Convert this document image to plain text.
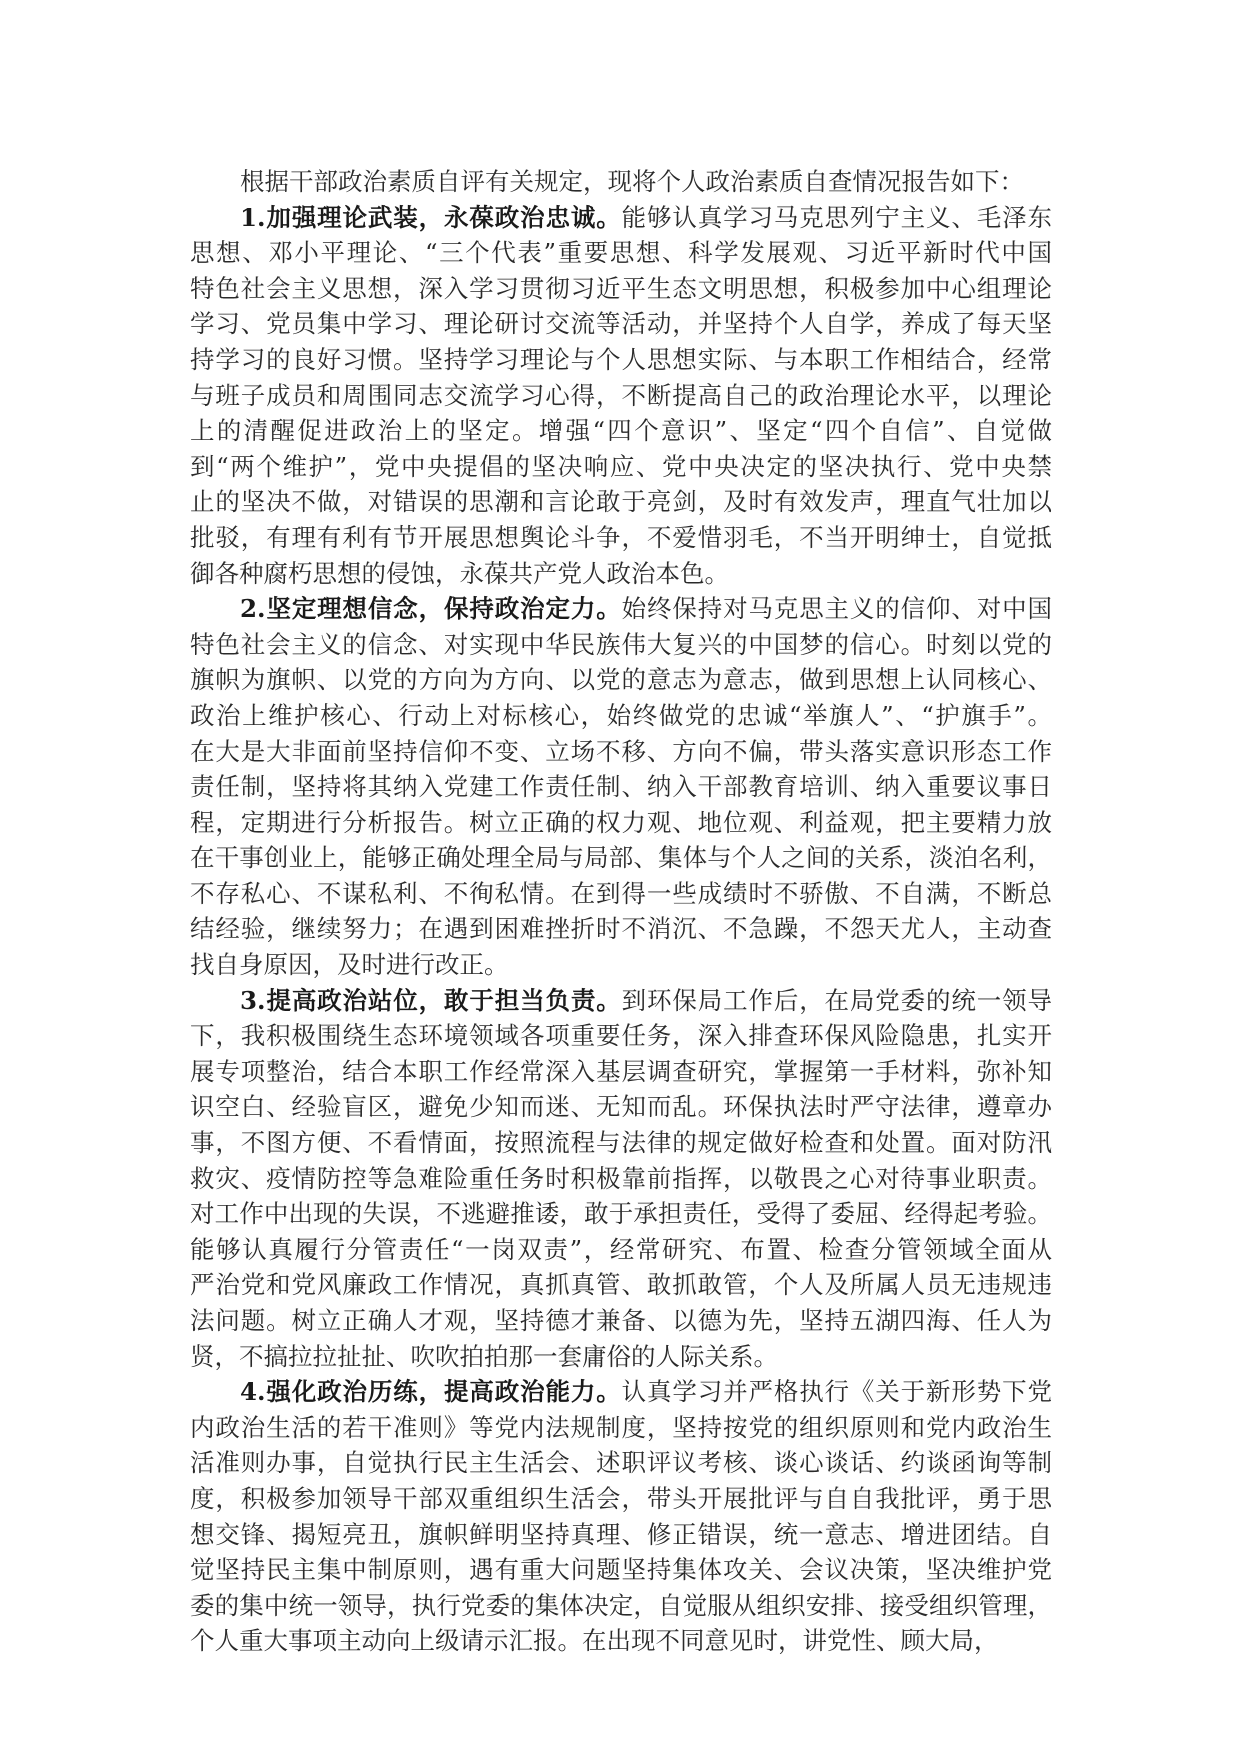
根据干部政治素质自评有关规定，现将个人政治素质自查情况报告如下：
1.加强理论武装，永葆政治忠诚。能够认真学习马克思列宁主义、毛泽东
思想、邓小平理论、“三个代表”重要思想、科学发展观、习近平新时代中国
特色社会主义思想，深入学习贯彻习近平生态文明思想，积极参加中心组理论
学习、党员集中学习、理论研讨交流等活动，并坚持个人自学，养成了每天坚
持学习的良好习惯。坚持学习理论与个人思想实际、与本职工作相结合，经常
与班子成员和周围同志交流学习心得，不断提高自己的政治理论水平，以理论
上的清醒促进政治上的坚定。增强“四个意识”、坚定“四个自信”、自觉做
到“两个维护”，党中央提倡的坚决响应、党中央决定的坚决执行、党中央禁
止的坚决不做，对错误的思潮和言论敢于亮剑，及时有效发声，理直气壮加以
批驳，有理有利有节开展思想舆论斗争，不爱惜羽毛，不当开明绅士，自觉抵
御各种腐朽思想的侵蚀，永葆共产党人政治本色。
2.坚定理想信念，保持政治定力。始终保持对马克思主义的信仰、对中国
特色社会主义的信念、对实现中华民族伟大复兴的中国梦的信心。时刻以党的
旗帜为旗帜、以党的方向为方向、以党的意志为意志，做到思想上认同核心、
政治上维护核心、行动上对标核心，始终做党的忠诚“举旗人”、“护旗手”。
在大是大非面前坚持信仰不变、立场不移、方向不偏，带头落实意识形态工作
责任制，坚持将其纳入党建工作责任制、纳入干部教育培训、纳入重要议事日
程，定期进行分析报告。树立正确的权力观、地位观、利益观，把主要精力放
在干事创业上，能够正确处理全局与局部、集体与个人之间的关系，淡泊名利，
不存私心、不谋私利、不徇私情。在到得一些成绩时不骄傲、不自满，不断总
结经验，继续努力；在遇到困难挫折时不消沉、不急躁，不怨天尤人，主动查
找自身原因，及时进行改正。
3.提高政治站位，敢于担当负责。到环保局工作后，在局党委的统一领导
下，我积极围绕生态环境领域各项重要任务，深入排查环保风险隐患，扎实开
展专项整治，结合本职工作经常深入基层调查研究，掌握第一手材料，弥补知
识空白、经验盲区，避免少知而迷、无知而乱。环保执法时严守法律，遵章办
事，不图方便、不看情面，按照流程与法律的规定做好检查和处置。面对防汛
救灾、疫情防控等急难险重任务时积极靠前指挥，以敬畏之心对待事业职责。
对工作中出现的失误，不逃避推诿，敢于承担责任，受得了委屈、经得起考验。
能够认真履行分管责任“一岗双责”，经常研究、布置、检查分管领域全面从
严治党和党风廉政工作情况，真抓真管、敢抓敢管，个人及所属人员无违规违
法问题。树立正确人才观，坚持德才兼备、以德为先，坚持五湖四海、任人为
贤，不搞拉拉扯扯、吹吹拍拍那一套庸俗的人际关系。
4.强化政治历练，提高政治能力。认真学习并严格执行《关于新形势下党
内政治生活的若干准则》等党内法规制度，坚持按党的组织原则和党内政治生
活准则办事，自觉执行民主生活会、述职评议考核、谈心谈话、约谈函询等制
度，积极参加领导干部双重组织生活会，带头开展批评与自自我批评，勇于思
想交锋、揭短亮丑，旗帜鲜明坚持真理、修正错误，统一意志、增进团结。自
觉坚持民主集中制原则，遇有重大问题坚持集体攻关、会议决策，坚决维护党
委的集中统一领导，执行党委的集体决定，自觉服从组织安排、接受组织管理，
个人重大事项主动向上级请示汇报。在出现不同意见时，讲党性、顾大局，
